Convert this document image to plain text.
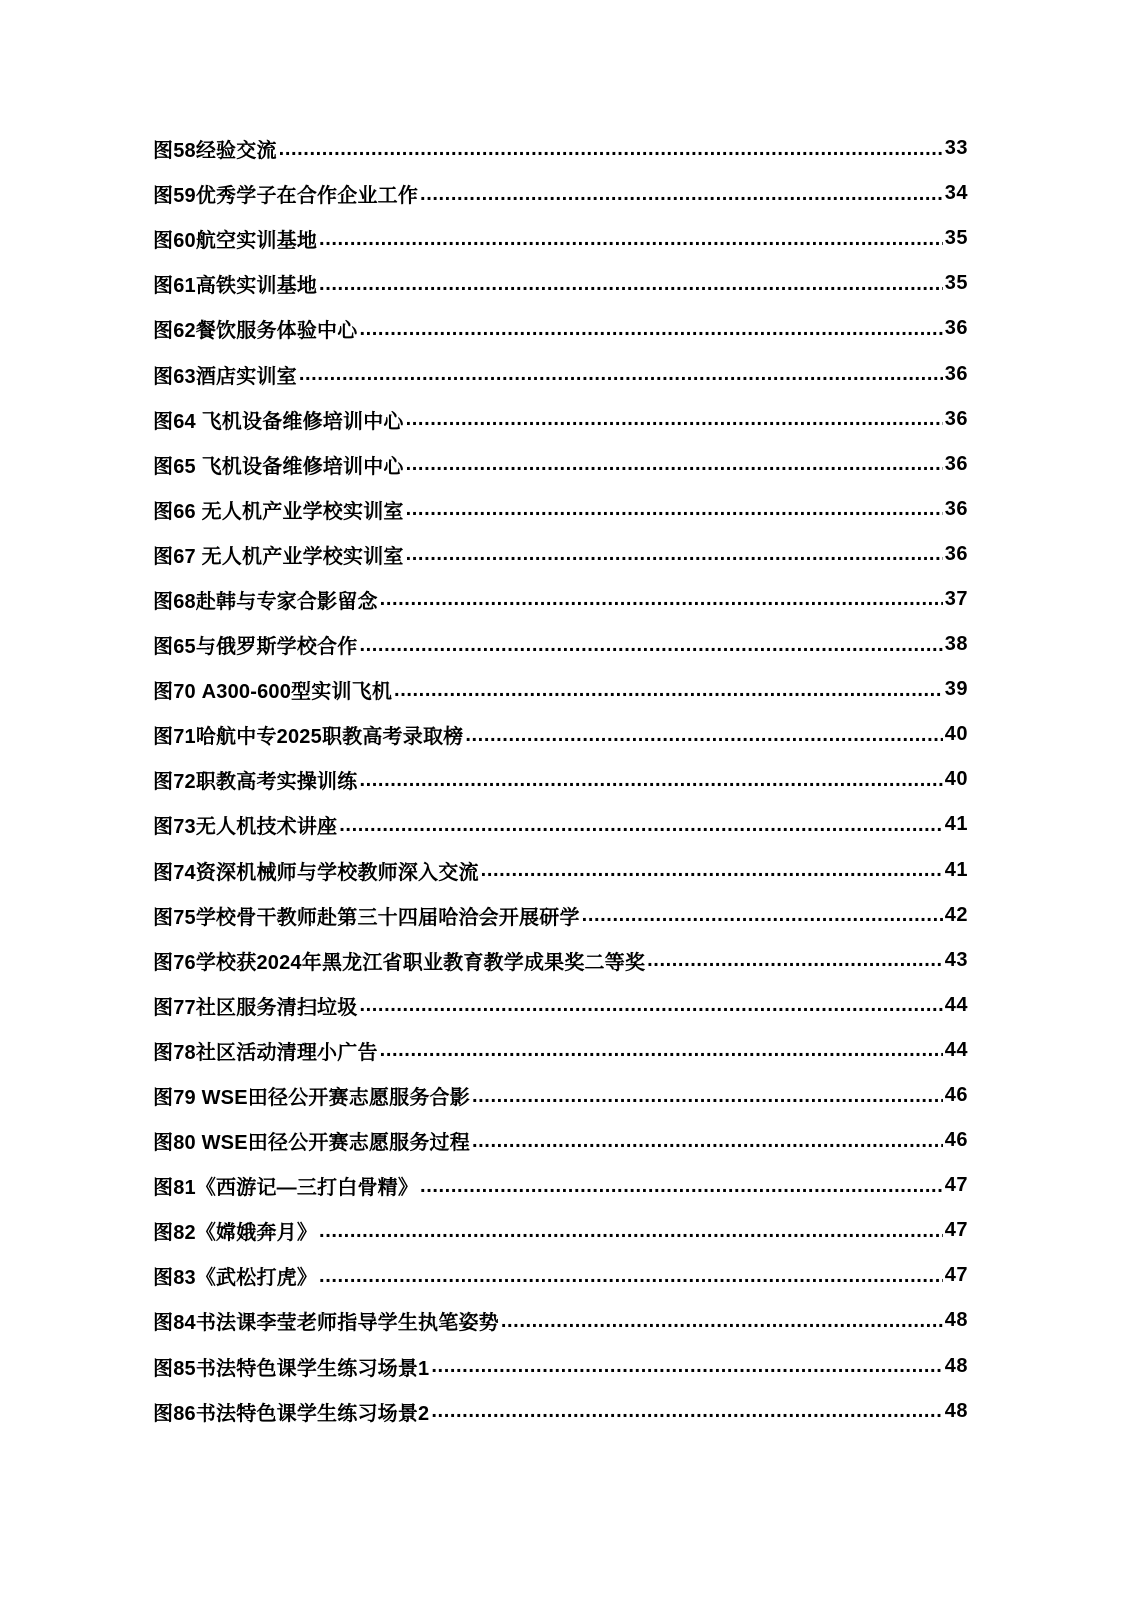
图58经验交流 .....	33
图59优秀学子在合作企业工作 .....	34
图60航空实训基地 .....	35
图61高铁实训基地 .....	35
图62餐饮服务体验中心 .....	36
图63酒店实训室 .....	36
图64 飞机设备维修培训中心 .....	36
图65 飞机设备维修培训中心 .....	36
图66 无人机产业学校实训室 .....	36
图67 无人机产业学校实训室 .....	36
图68赴韩与专家合影留念 .....	37
图65与俄罗斯学校合作 .....	38
图70 A300-600型实训飞机 .....	39
图71哈航中专2025职教高考录取榜 .....	40
图72职教高考实操训练 .....	40
图73无人机技术讲座 .....	41
图74资深机械师与学校教师深入交流 .....	41
图75学校骨干教师赴第三十四届哈洽会开展研学 .....	42
图76学校获2024年黑龙江省职业教育教学成果奖二等奖 .....	43
图77社区服务清扫垃圾 .....	44
图78社区活动清理小广告 .....	44
图79 WSE田径公开赛志愿服务合影 .....	46
图80 WSE田径公开赛志愿服务过程 .....	46
图81《西游记—三打白骨精》 .....	47
图82《嫦娥奔月》 .....	47
图83《武松打虎》 .....	47
图84书法课李莹老师指导学生执笔姿势 .....	48
图85书法特色课学生练习场景1 .....	48
图86书法特色课学生练习场景2 .....	48
